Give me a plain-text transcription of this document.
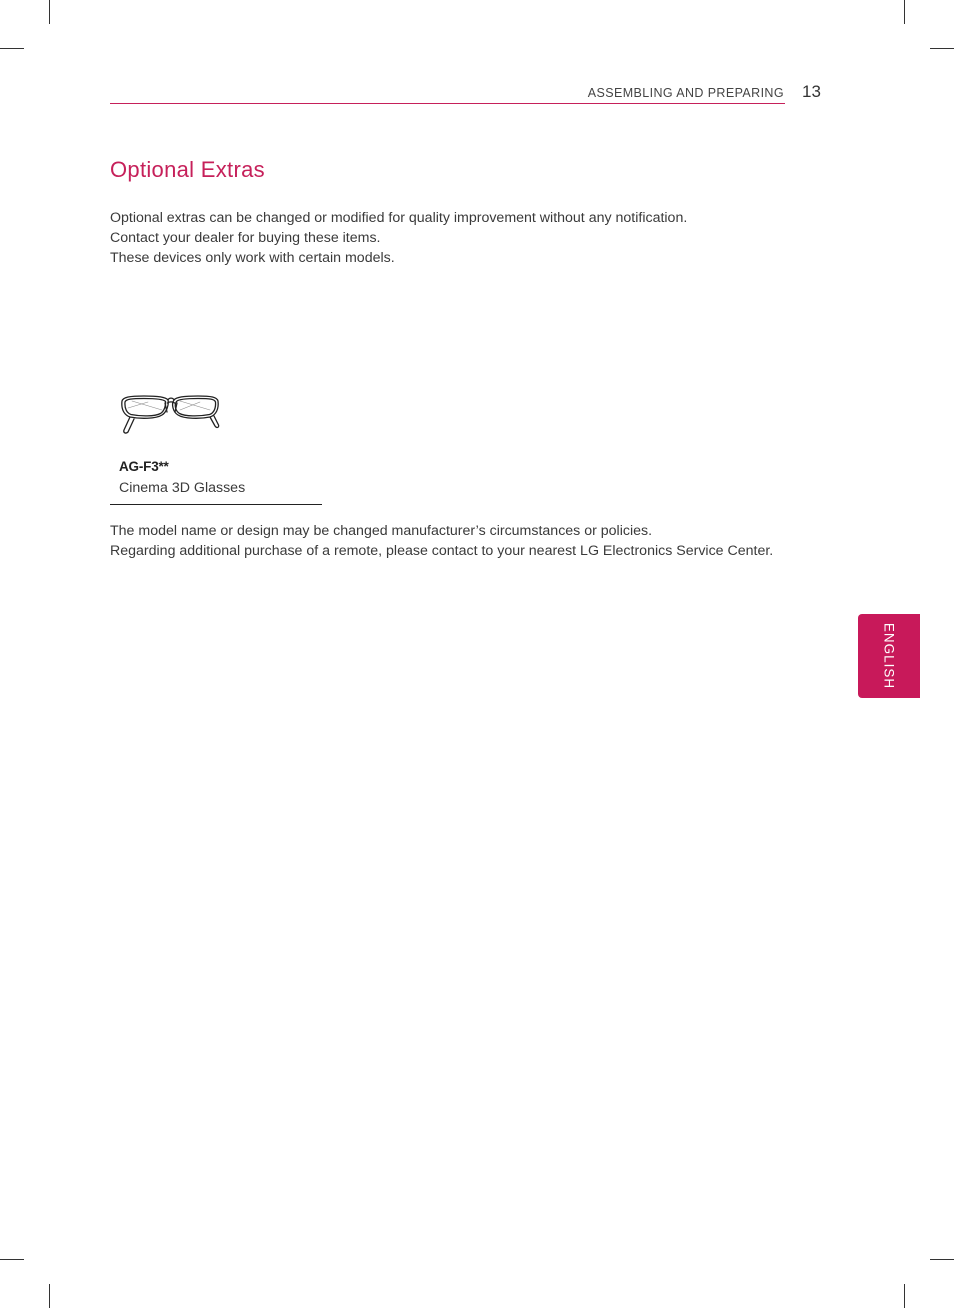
ASSEMBLING AND PREPARING 13
Optional Extras
Optional extras can be changed or modified for quality improvement without any notification.
Contact your dealer for buying these items.
These devices only work with certain models.
AG-F3**
Cinema 3D Glasses
The model name or design may be changed manufacturer’s circumstances or policies.
Regarding additional purchase of a remote, please contact to your nearest LG Electronics Service Center.
ENGLISH
